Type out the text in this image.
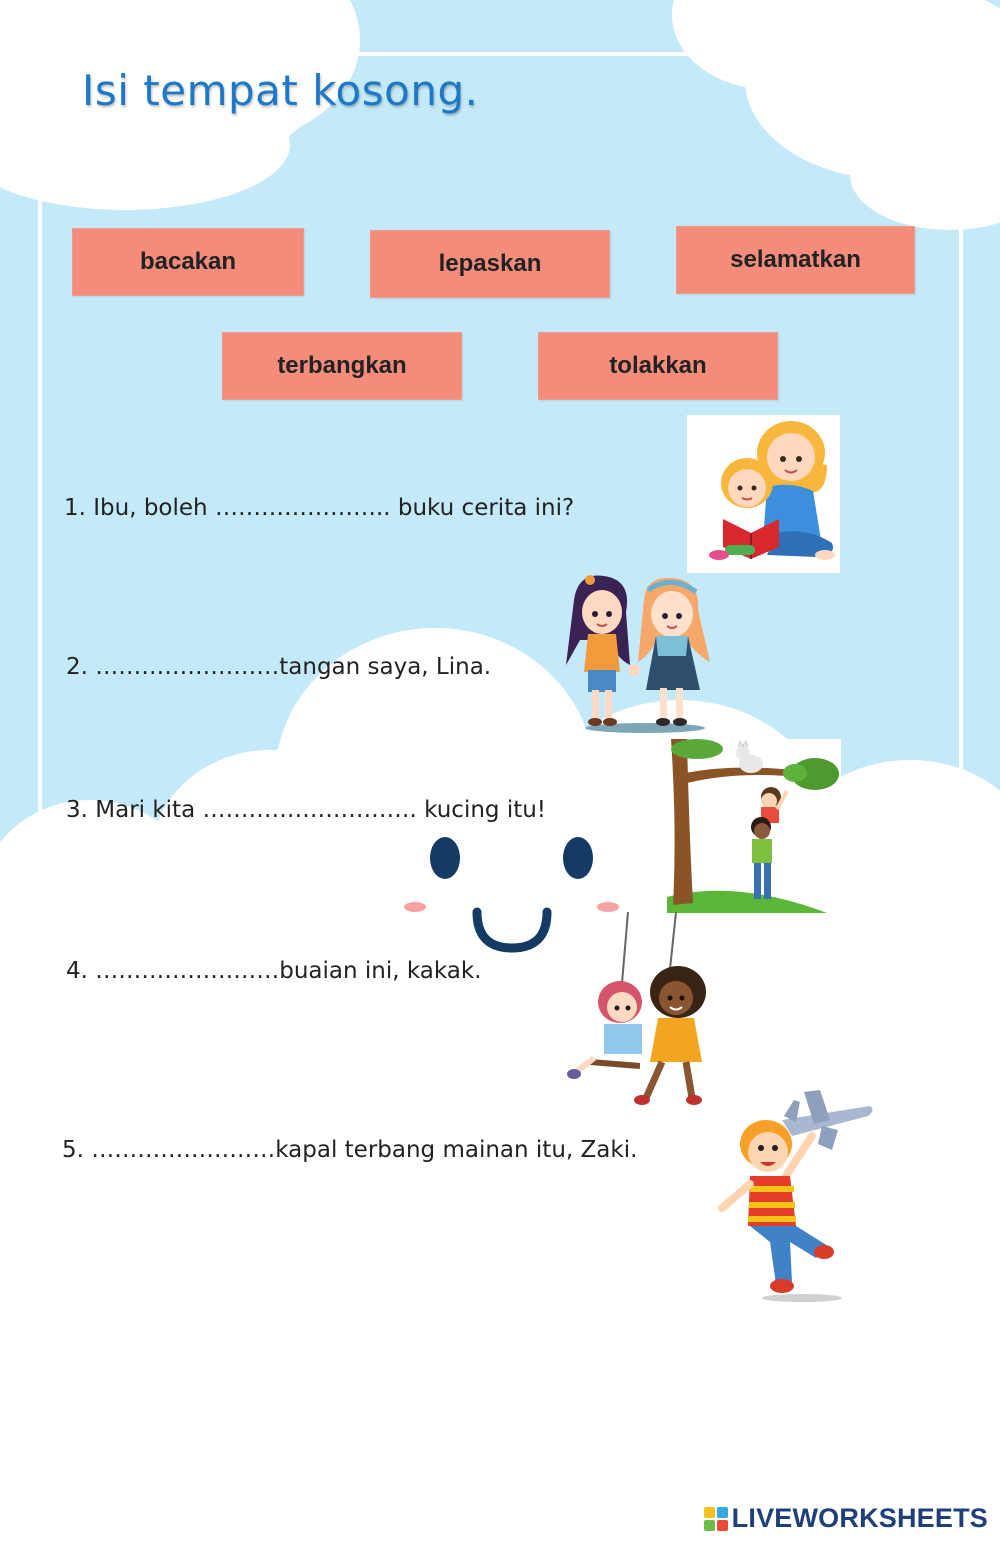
Isi tempat kosong.
bacakan	lepaskan	selamatkan
terbangkan	tolakkan
1. Ibu, boleh ………………….. buku cerita ini?
2. ……………………tangan saya, Lina.
3. Mari kita ………………………. kucing itu!
4. ……………………buaian ini, kakak.
5. ……………………kapal terbang mainan itu, Zaki.
LIVEWORKSHEETS
